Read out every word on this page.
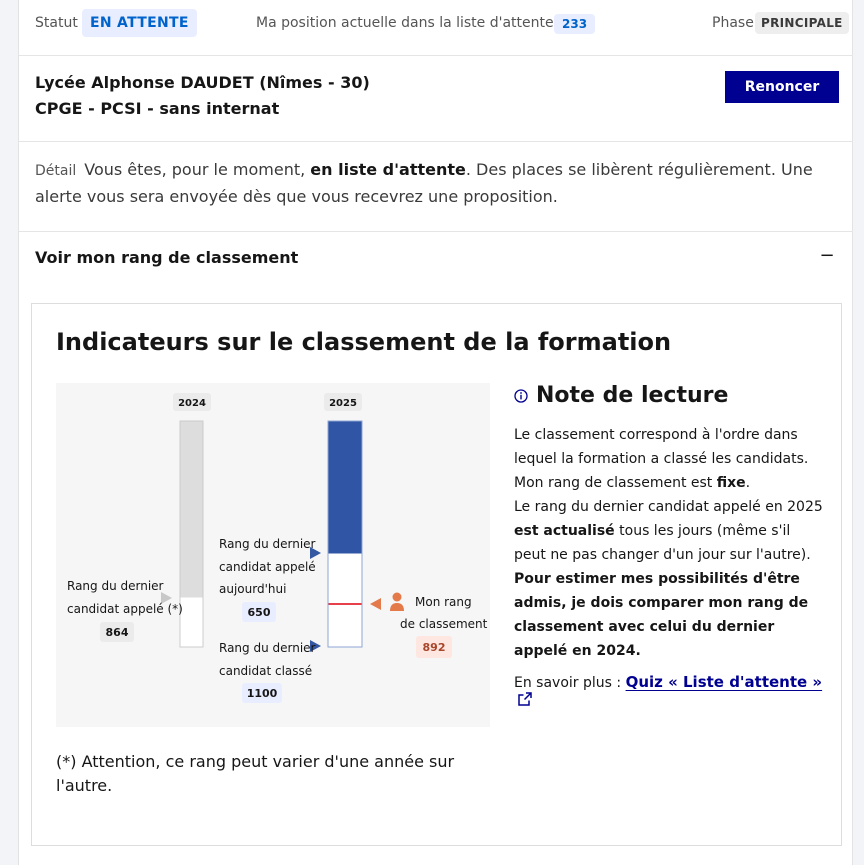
Statut EN ATTENTE	Ma position actuelle dans la liste d'attente 233	Phase PRINCIPALE
Lycée Alphonse DAUDET (Nîmes - 30)
CPGE - PCSI - sans internat
Renoncer
Détail Vous êtes, pour le moment, en liste d'attente. Des places se libèrent régulièrement. Une alerte vous sera envoyée dès que vous recevrez une proposition.
Voir mon rang de classement	−
Indicateurs sur le classement de la formation
2024	2025
Rang du dernier
candidat appelé (*)
864
Rang du dernier
candidat appelé
aujourd'hui
650
Rang du dernier
candidat classé
1100
Mon rang
de classement
892
Note de lecture

Le classement correspond à l'ordre dans lequel la formation a classé les candidats.

Mon rang de classement est fixe.

Le rang du dernier candidat appelé en 2025 est actualisé tous les jours (même s'il peut ne pas changer d'un jour sur l'autre).

Pour estimer mes possibilités d'être admis, je dois comparer mon rang de classement avec celui du dernier appelé en 2024.

En savoir plus : Quiz « Liste d'attente »
(*) Attention, ce rang peut varier d'une année sur l'autre.
